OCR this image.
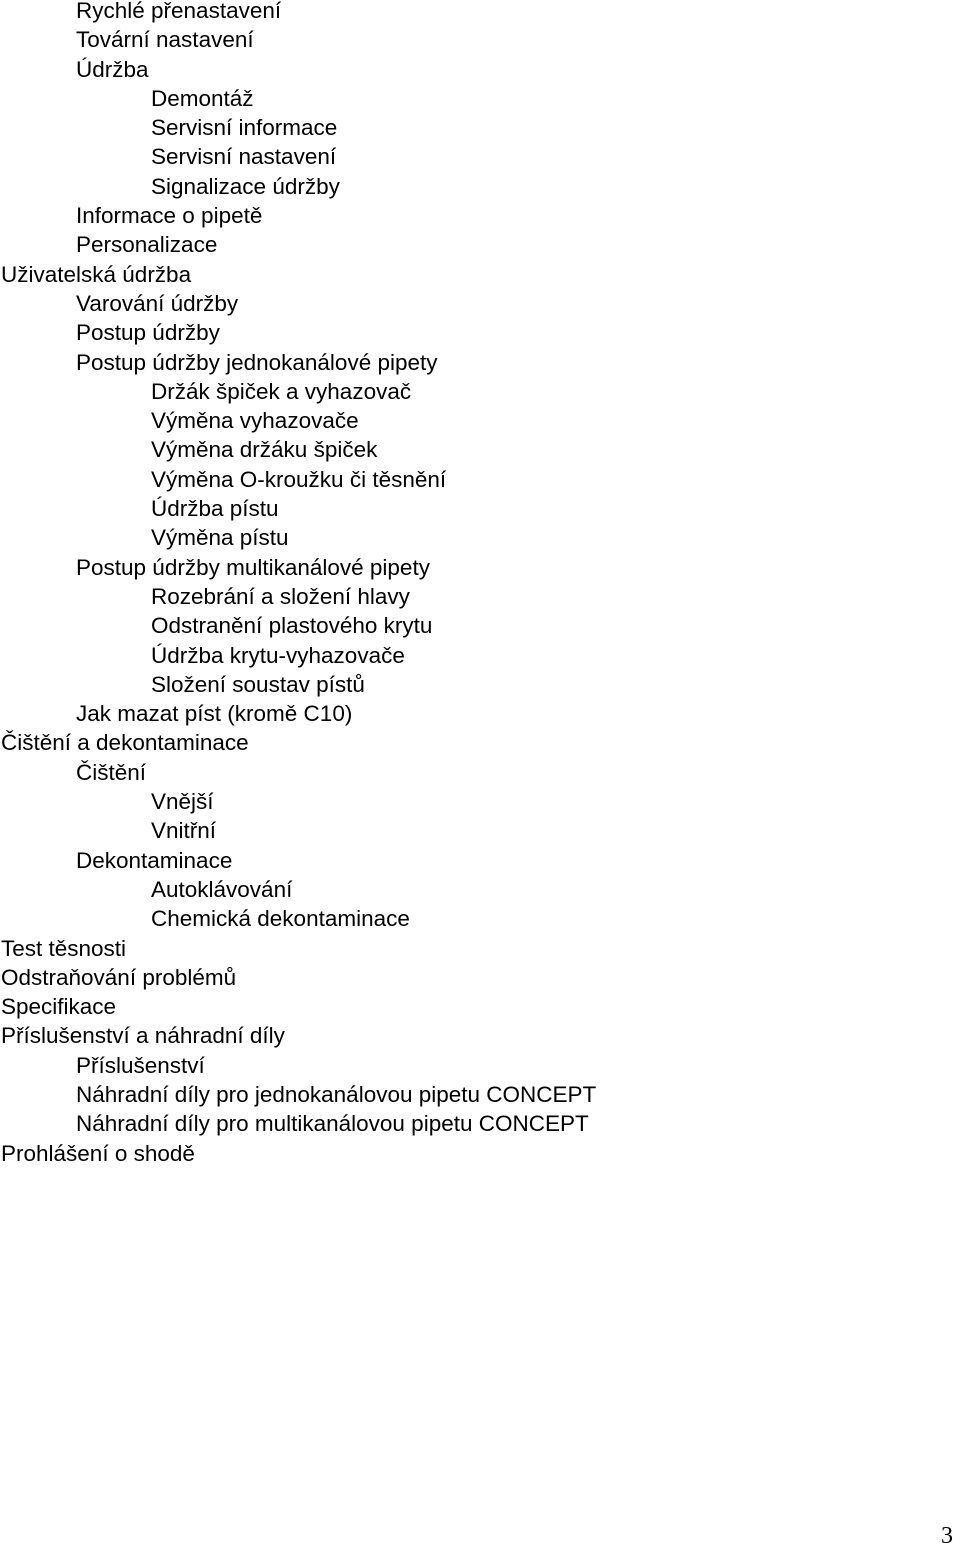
Rychlé přenastavení
Tovární nastavení
Údržba
Demontáž
Servisní informace
Servisní nastavení
Signalizace údržby
Informace o pipetě
Personalizace
Uživatelská údržba
Varování údržby
Postup údržby
Postup údržby jednokanálové pipety
Držák špiček a vyhazovač
Výměna vyhazovače
Výměna držáku špiček
Výměna O-kroužku či těsnění
Údržba pístu
Výměna pístu
Postup údržby multikanálové pipety
Rozebrání a složení hlavy
Odstranění plastového krytu
Údržba krytu-vyhazovače
Složení soustav pístů
Jak mazat píst (kromě C10)
Čištění a dekontaminace
Čištění
Vnější
Vnitřní
Dekontaminace
Autoklávování
Chemická dekontaminace
Test těsnosti
Odstraňování problémů
Specifikace
Příslušenství a náhradní díly
Příslušenství
Náhradní díly pro jednokanálovou pipetu CONCEPT
Náhradní díly pro multikanálovou pipetu CONCEPT
Prohlášení o shodě
3
